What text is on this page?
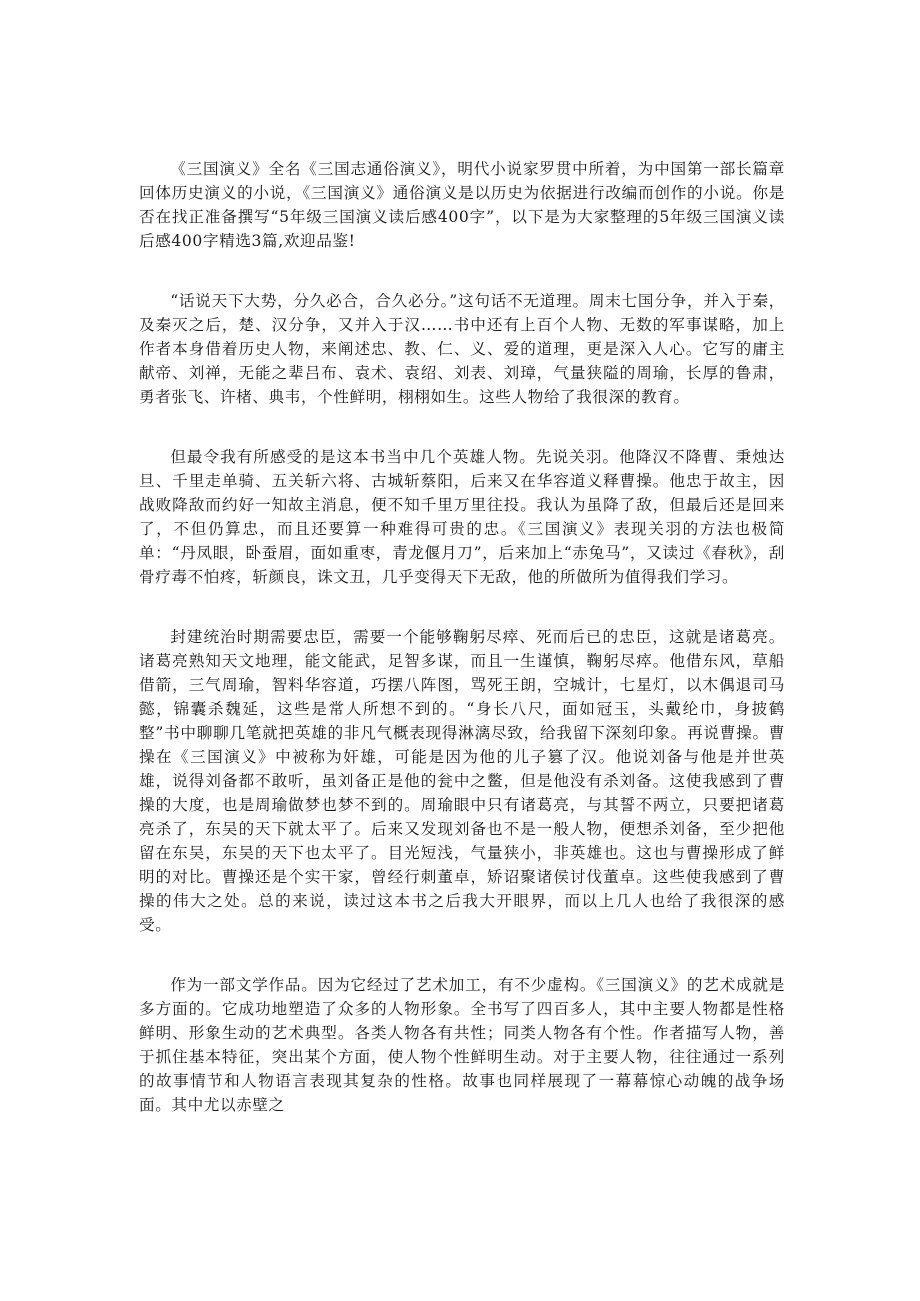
《三国演义》全名《三国志通俗演义》，明代小说家罗贯中所着，为中国第一部长篇章回体历史演义的小说，《三国演义》通俗演义是以历史为依据进行改编而创作的小说。你是否在找正准备撰写“5年级三国演义读后感400字”，以下是为大家整理的5年级三国演义读后感400字精选3篇,欢迎品鉴!

“话说天下大势，分久必合，合久必分。”这句话不无道理。周末七国分争，并入于秦，及秦灭之后，楚、汉分争，又并入于汉……书中还有上百个人物、无数的军事谋略，加上作者本身借着历史人物，来阐述忠、教、仁、义、爱的道理，更是深入人心。它写的庸主献帝、刘禅，无能之辈吕布、袁术、袁绍、刘表、刘璋，气量狭隘的周瑜，长厚的鲁肃，勇者张飞、许楮、典韦，个性鲜明，栩栩如生。这些人物给了我很深的教育。

但最令我有所感受的是这本书当中几个英雄人物。先说关羽。他降汉不降曹、秉烛达旦、千里走单骑、五关斩六将、古城斩蔡阳，后来又在华容道义释曹操。他忠于故主，因战败降敌而约好一知故主消息，便不知千里万里往投。我认为虽降了敌，但最后还是回来了，不但仍算忠，而且还要算一种难得可贵的忠。《三国演义》表现关羽的方法也极简单：“丹凤眼，卧蚕眉，面如重枣，青龙偃月刀”，后来加上“赤兔马”，又读过《春秋》，刮骨疗毒不怕疼，斩颜良，诛文丑，几乎变得天下无敌，他的所做所为值得我们学习。

封建统治时期需要忠臣，需要一个能够鞠躬尽瘁、死而后已的忠臣，这就是诸葛亮。诸葛亮熟知天文地理，能文能武，足智多谋，而且一生谨慎，鞠躬尽瘁。他借东风，草船借箭，三气周瑜，智料华容道，巧摆八阵图，骂死王朗，空城计，七星灯，以木偶退司马懿，锦囊杀魏延，这些是常人所想不到的。“身长八尺，面如冠玉，头戴纶巾，身披鹤整”书中聊聊几笔就把英雄的非凡气概表现得淋漓尽致，给我留下深刻印象。再说曹操。曹操在《三国演义》中被称为奸雄，可能是因为他的儿子篡了汉。他说刘备与他是并世英雄，说得刘备都不敢听，虽刘备正是他的瓮中之鳖，但是他没有杀刘备。这使我感到了曹操的大度，也是周瑜做梦也梦不到的。周瑜眼中只有诸葛亮，与其誓不两立，只要把诸葛亮杀了，东吴的天下就太平了。后来又发现刘备也不是一般人物，便想杀刘备，至少把他留在东吴，东吴的天下也太平了。目光短浅，气量狭小，非英雄也。这也与曹操形成了鲜明的对比。曹操还是个实干家，曾经行刺董卓，矫诏聚诸侯讨伐董卓。这些使我感到了曹操的伟大之处。总的来说，读过这本书之后我大开眼界，而以上几人也给了我很深的感受。

作为一部文学作品。因为它经过了艺术加工，有不少虚构。《三国演义》的艺术成就是多方面的。它成功地塑造了众多的人物形象。全书写了四百多人，其中主要人物都是性格鲜明、形象生动的艺术典型。各类人物各有共性；同类人物各有个性。作者描写人物，善于抓住基本特征，突出某个方面，使人物个性鲜明生动。对于主要人物，往往通过一系列的故事情节和人物语言表现其复杂的性格。故事也同样展现了一幕幕惊心动魄的战争场面。其中尤以赤壁之
